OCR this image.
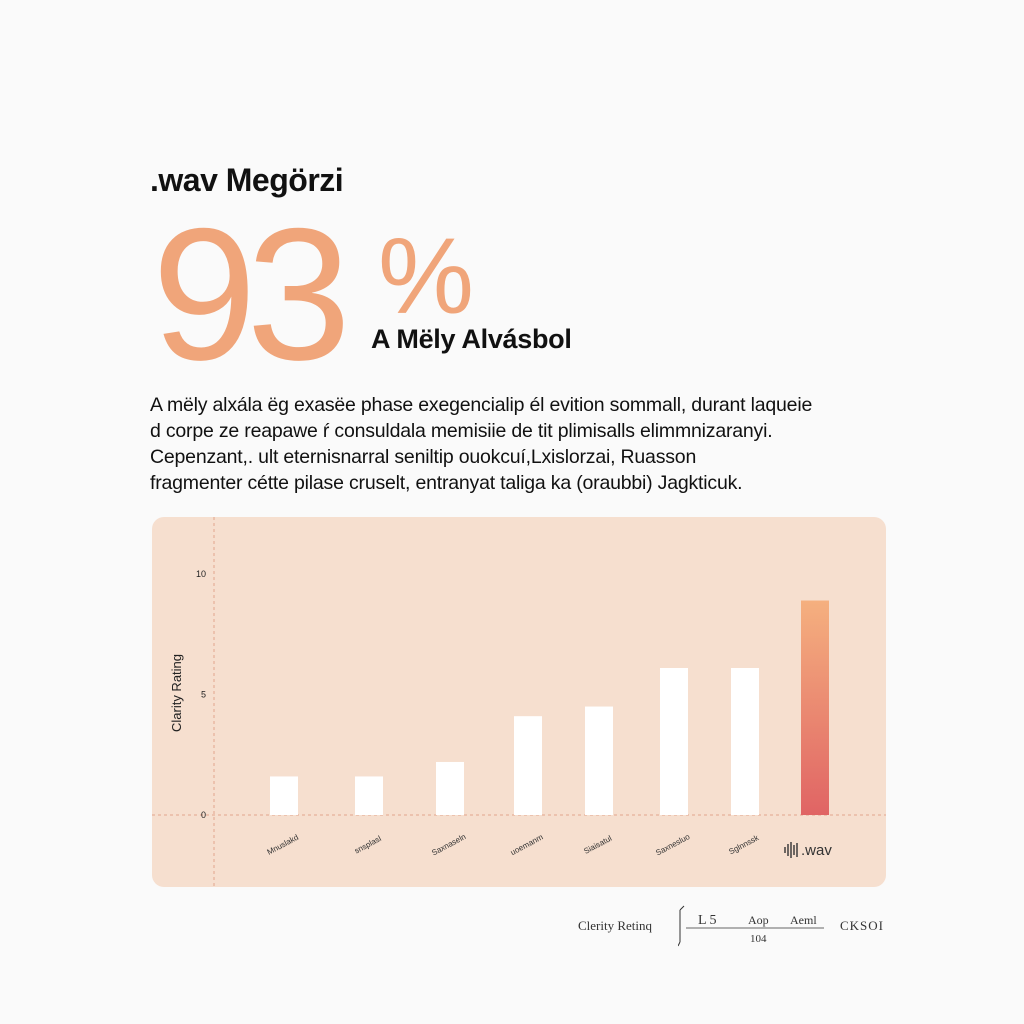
.wav Megörzi
93 %
A Mëly Alvásbol
A mëly alxála ëg exasëe phase exegencialip él evition sommall, durant laqueie
d corpe ze reapawe ŕ consuldala memisiie de tit plimisalls elimmnizaranyi.
Cepenzant,. ult eternisnarral seniltip ouokcuí,Lxislorzai, Ruasson
fragmenter cétte pilase cruselt, entranyat taliga ka (oraubbi) Jagkticuk.
10
5
0
Clarity Rating
Mnuslakd	snsplasl	Saxnaseln	uoemanm	Siaisatul	Saxnesluo	Sglnnssk	.wav
Clerity Retinq	L 5	Aop Aeml
104
CKSOI
